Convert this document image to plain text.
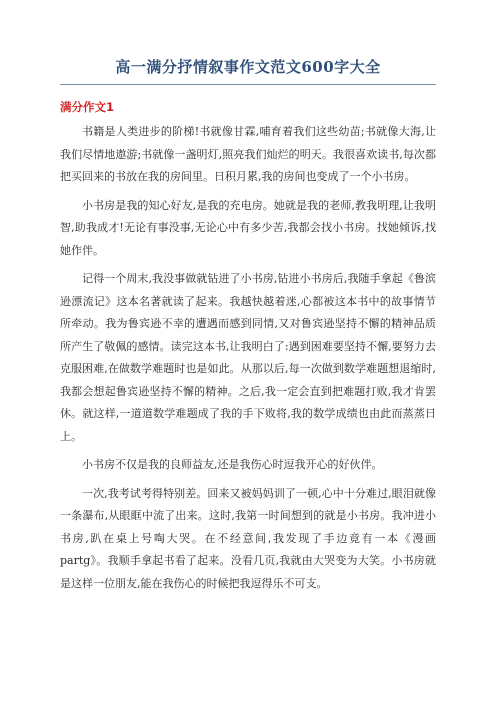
高一满分抒情叙事作文范文600字大全
满分作文1

书籍是人类进步的阶梯!书就像甘霖,哺育着我们这些幼苗;书就像大海,让我们尽情地遨游;书就像一盏明灯,照亮我们灿烂的明天。我很喜欢读书,每次都把买回来的书放在我的房间里。日积月累,我的房间也变成了一个小书房。

小书房是我的知心好友,是我的充电房。她就是我的老师,教我明理,让我明智,助我成才!无论有事没事,无论心中有多少苦,我都会找小书房。找她倾诉,找她作伴。

记得一个周末,我没事做就钻进了小书房,钻进小书房后,我随手拿起《鲁滨逊漂流记》这本名著就读了起来。我越快越着迷,心都被这本书中的故事情节所牵动。我为鲁宾逊不幸的遭遇而感到同情,又对鲁宾逊坚持不懈的精神品质所产生了敬佩的感情。读完这本书,让我明白了:遇到困难要坚持不懈,要努力去克服困难,在做数学难题时也是如此。从那以后,每一次做到数学难题想退缩时,我都会想起鲁宾逊坚持不懈的精神。之后,我一定会直到把难题打败,我才肯罢休。就这样,一道道数学难题成了我的手下败将,我的数学成绩也由此而蒸蒸日上。

小书房不仅是我的良师益友,还是我伤心时逗我开心的好伙伴。

一次,我考试考得特别差。回来又被妈妈训了一顿,心中十分难过,眼泪就像一条瀑布,从眼眶中流了出来。这时,我第一时间想到的就是小书房。我冲进小书房,趴在桌上号啕大哭。在不经意间,我发现了手边竟有一本《漫画 partg》。我顺手拿起书看了起来。没看几页,我就由大哭变为大笑。小书房就是这样一位朋友,能在我伤心的时候把我逗得乐不可支。
